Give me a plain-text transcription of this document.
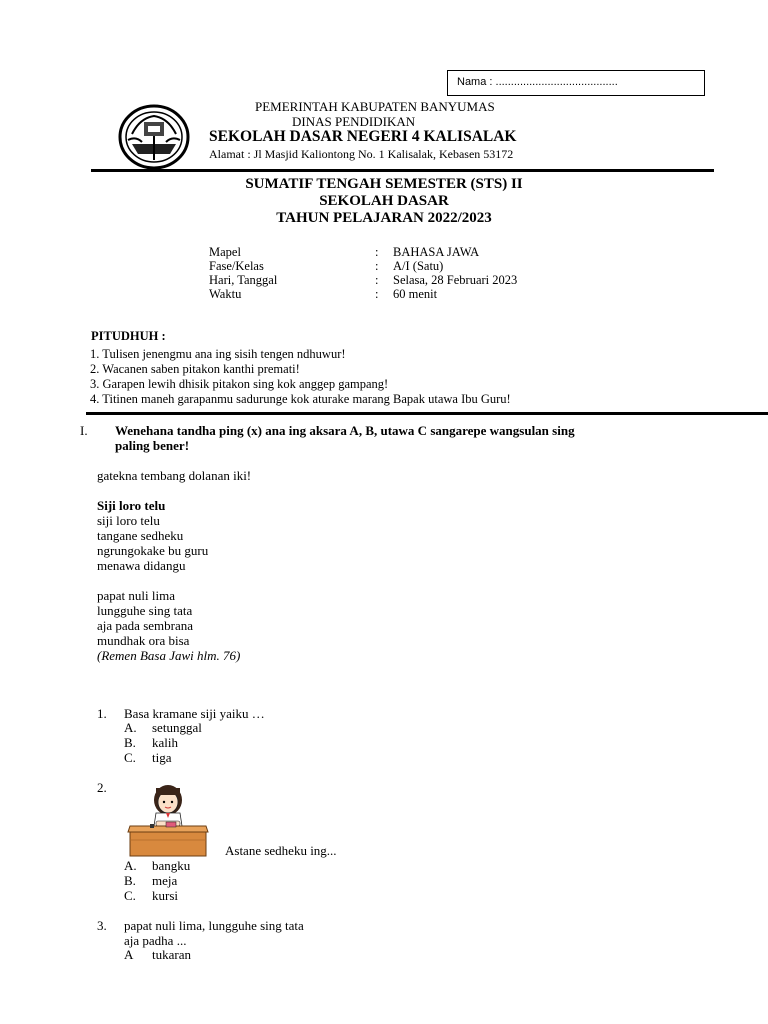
Nama : ........................................
PEMERINTAH KABUPATEN BANYUMAS
DINAS PENDIDIKAN
SEKOLAH DASAR NEGERI 4 KALISALAK
Alamat : Jl Masjid Kaliontong No. 1 Kalisalak, Kebasen 53172
SUMATIF TENGAH SEMESTER (STS) II
SEKOLAH DASAR
TAHUN PELAJARAN 2022/2023
Mapel	: BAHASA JAWA
Fase/Kelas	: A/I (Satu)
Hari, Tanggal	: Selasa, 28 Februari 2023
Waktu	: 60 menit
PITUDHUH :
1. Tulisen jenengmu ana ing sisih tengen ndhuwur!
2. Wacanen saben pitakon kanthi premati!
3. Garapen lewih dhisik pitakon sing kok anggep gampang!
4. Titinen maneh garapanmu sadurunge kok aturake marang Bapak utawa Ibu Guru!
I. Wenehana tandha ping (x) ana ing aksara A, B, utawa C sangarepe wangsulan sing
paling bener!
gatekna tembang dolanan iki!
Siji loro telu
siji loro telu
tangane sedheku
ngrungokake bu guru
menawa didangu
papat nuli lima
lungguhe sing tata
aja pada sembrana
mundhak ora bisa
(Remen Basa Jawi hlm. 76)
1. Basa kramane siji yaiku …
A. setunggal
B. kalih
C. tiga
2.
Astane sedheku ing...
A. bangku
B. meja
C. kursi
3. papat nuli lima, lungguhe sing tata
aja padha ...
A tukaran
